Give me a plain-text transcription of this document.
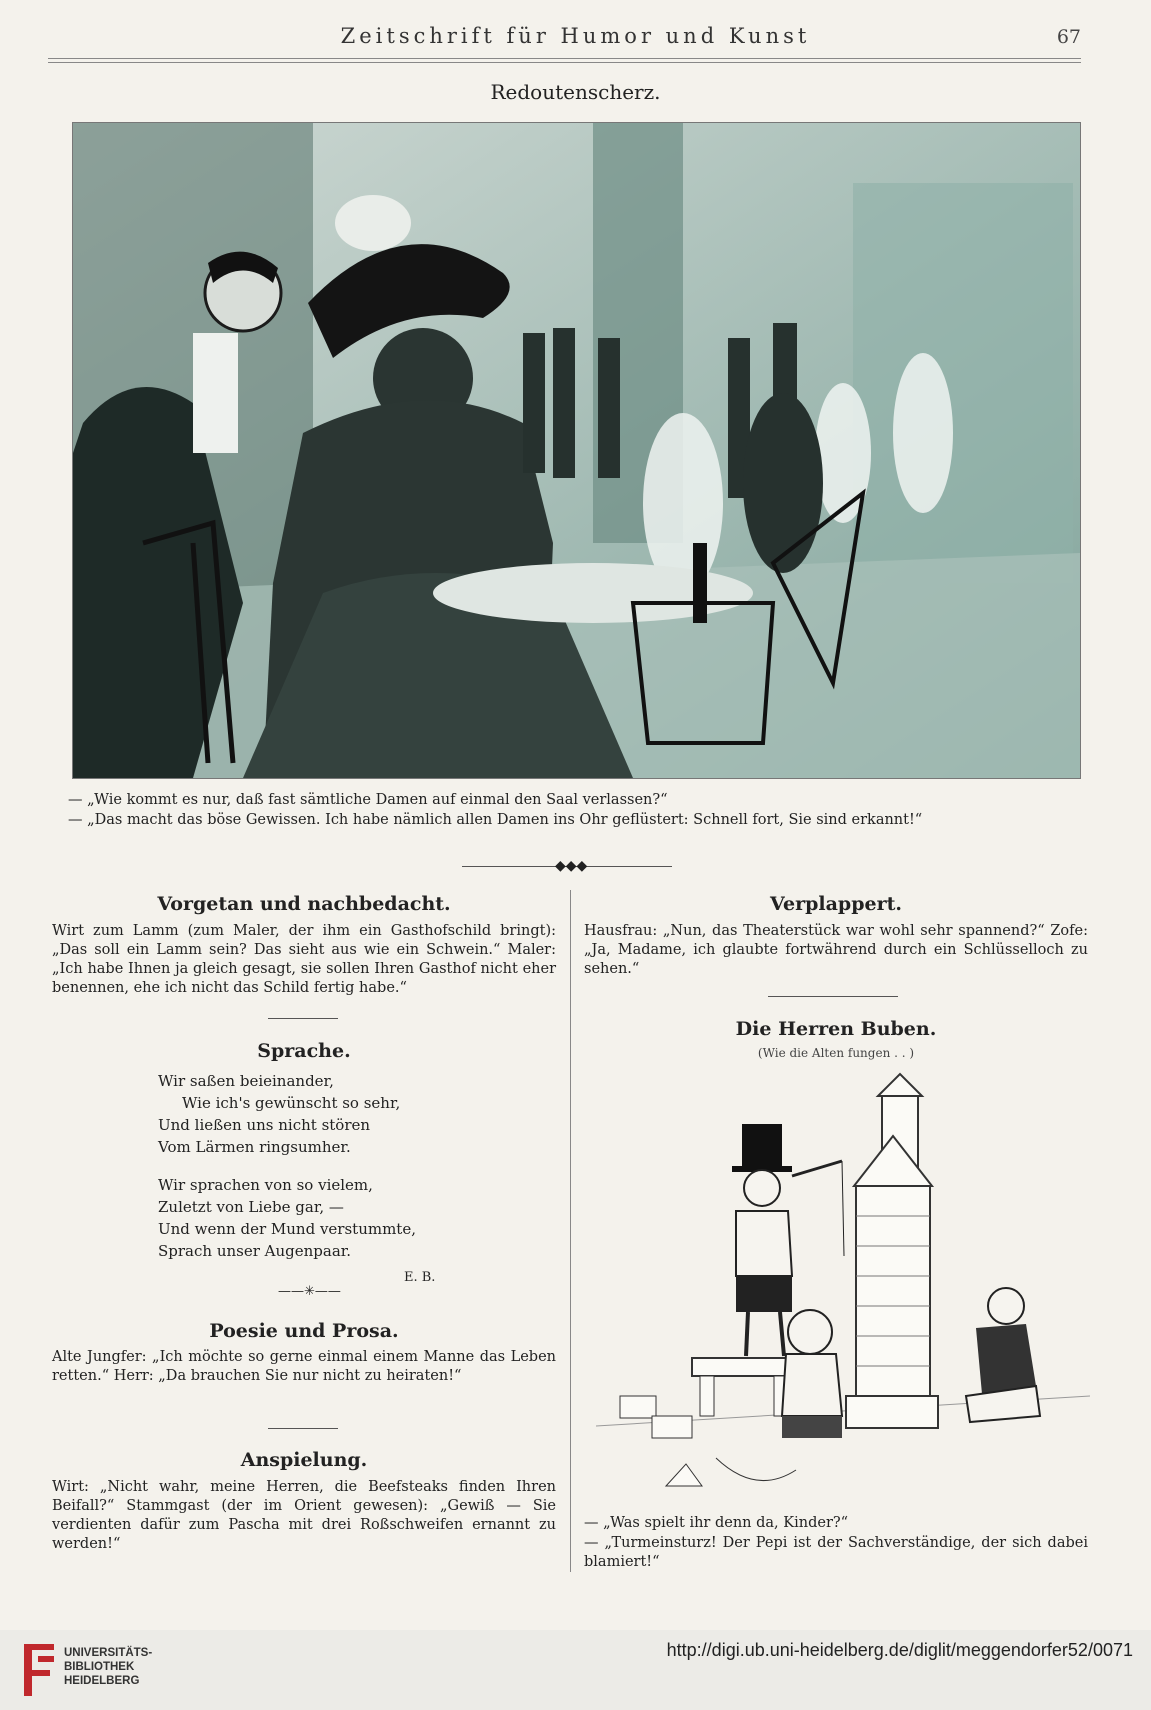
Zeitschrift für Humor und Kunst	67
Redoutenscherz.
— „Wie kommt es nur, daß fast sämtliche Damen auf einmal den Saal verlassen?“
— „Das macht das böse Gewissen. Ich habe nämlich allen Damen ins Ohr geflüstert: Schnell fort, Sie sind erkannt!“
◆◆◆
Vorgetan und nachbedacht.
Wirt zum Lamm (zum Maler, der ihm ein Gasthofschild bringt): „Das soll ein Lamm sein? Das sieht aus wie ein Schwein.“ Maler: „Ich habe Ihnen ja gleich gesagt, sie sollen Ihren Gasthof nicht eher benennen, ehe ich nicht das Schild fertig habe.“
Sprache.

Wir saßen beieinander,

Wie ich's gewünscht so sehr,

Und ließen uns nicht stören

Vom Lärmen ringsumher.

Wir sprachen von so vielem,

Zuletzt von Liebe gar, —

Und wenn der Mund verstummte,

Sprach unser Augenpaar.

E. B.
——✳——
Poesie und Prosa.
Alte Jungfer: „Ich möchte so gerne einmal einem Manne das Leben retten.“ Herr: „Da brauchen Sie nur nicht zu heiraten!“
Anspielung.
Wirt: „Nicht wahr, meine Herren, die Beefsteaks finden Ihren Beifall?“ Stammgast (der im Orient gewesen): „Gewiß — Sie verdienten dafür zum Pascha mit drei Roßschweifen ernannt zu werden!“
Verplappert.
Hausfrau: „Nun, das Theaterstück war wohl sehr spannend?“ Zofe: „Ja, Madame, ich glaubte fortwährend durch ein Schlüsselloch zu sehen.“
Die Herren Buben.
(Wie die Alten fungen . . )
— „Was spielt ihr denn da, Kinder?“
— „Turmeinsturz! Der Pepi ist der Sachverständige, der sich dabei blamiert!“
UNIVERSITÄTS-
BIBLIOTHEK
HEIDELBERG
http://digi.ub.uni-heidelberg.de/diglit/meggendorfer52/0071
